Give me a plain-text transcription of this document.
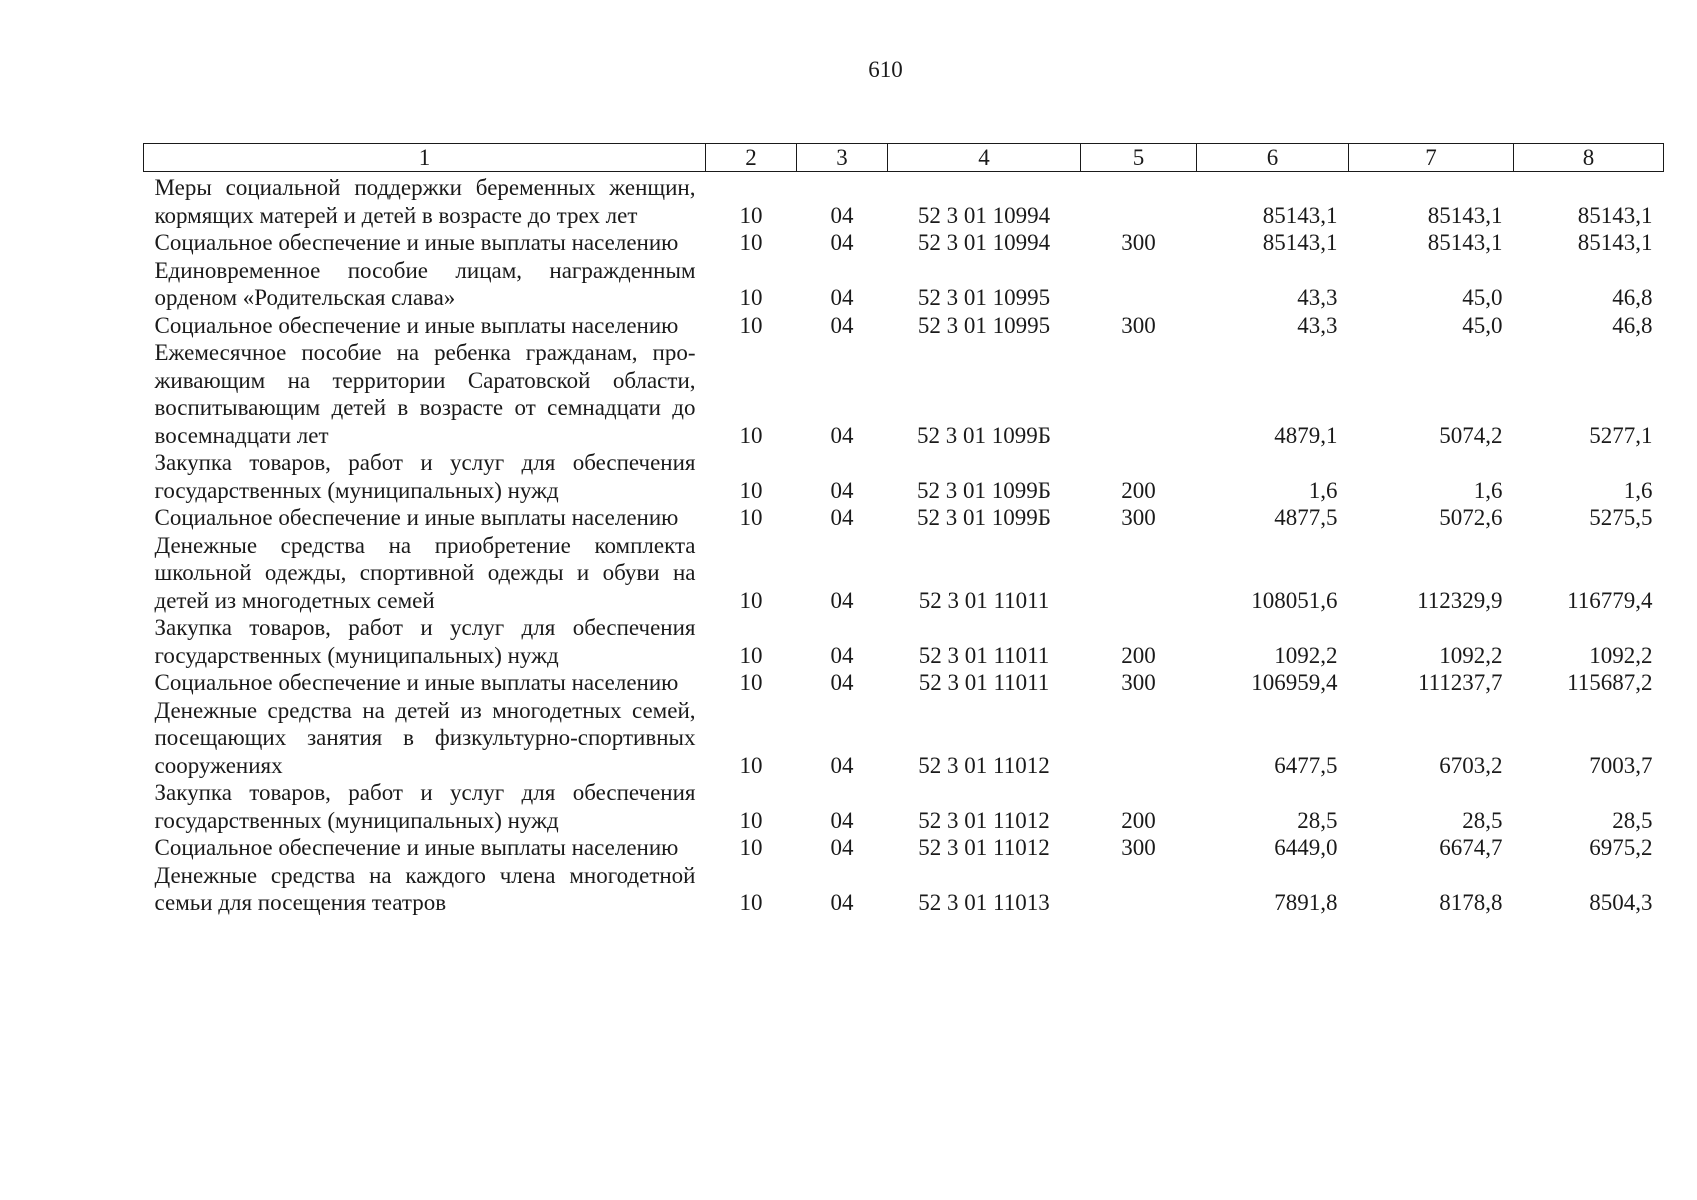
610
1	2	3	4	5	6	7	8
Меры социальной поддержки беременных женщин, кормящих матерей и детей в возрасте до трех лет	10	04	52 3 01 10994		85143,1	85143,1	85143,1
Социальное обеспечение и иные выплаты населению	10	04	52 3 01 10994	300	85143,1	85143,1	85143,1
Единовременное пособие лицам, награжденным орденом «Родительская слава»	10	04	52 3 01 10995		43,3	45,0	46,8
Социальное обеспечение и иные выплаты населению	10	04	52 3 01 10995	300	43,3	45,0	46,8
Ежемесячное пособие на ребенка гражданам, проживающим на территории Саратовской области, воспитывающим детей в возрасте от семнадцати до восемнадцати лет	10	04	52 3 01 1099Б		4879,1	5074,2	5277,1
Закупка товаров, работ и услуг для обеспечения государственных (муниципальных) нужд	10	04	52 3 01 1099Б	200	1,6	1,6	1,6
Социальное обеспечение и иные выплаты населению	10	04	52 3 01 1099Б	300	4877,5	5072,6	5275,5
Денежные средства на приобретение комплекта школьной одежды, спортивной одежды и обуви на детей из многодетных семей	10	04	52 3 01 11011		108051,6	112329,9	116779,4
Закупка товаров, работ и услуг для обеспечения государственных (муниципальных) нужд	10	04	52 3 01 11011	200	1092,2	1092,2	1092,2
Социальное обеспечение и иные выплаты населению	10	04	52 3 01 11011	300	106959,4	111237,7	115687,2
Денежные средства на детей из многодетных семей, посещающих занятия в физкультурно-спортивных сооружениях	10	04	52 3 01 11012		6477,5	6703,2	7003,7
Закупка товаров, работ и услуг для обеспечения государственных (муниципальных) нужд	10	04	52 3 01 11012	200	28,5	28,5	28,5
Социальное обеспечение и иные выплаты населению	10	04	52 3 01 11012	300	6449,0	6674,7	6975,2
Денежные средства на каждого члена многодетной семьи для посещения театров	10	04	52 3 01 11013		7891,8	8178,8	8504,3
